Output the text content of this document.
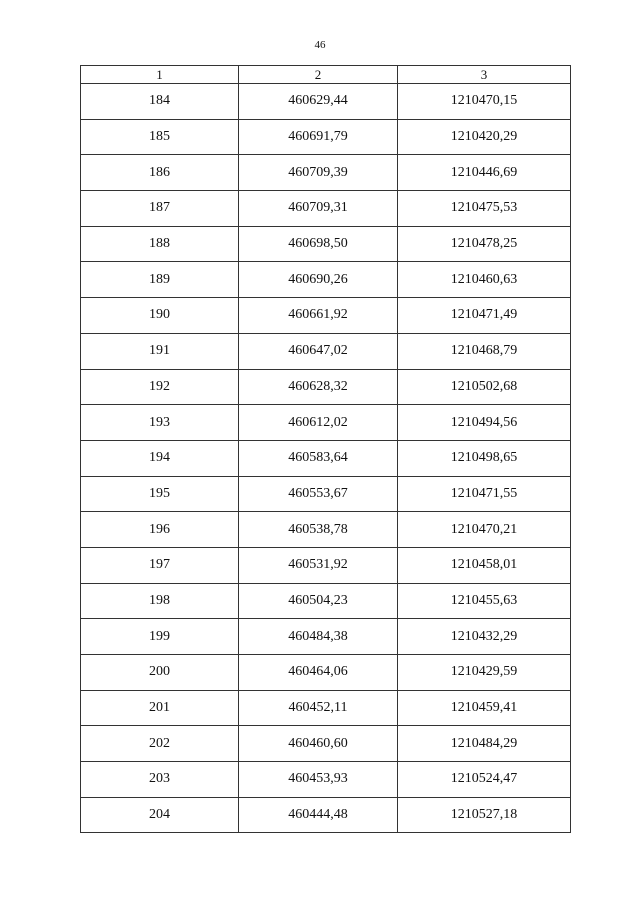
46
1	2	3
184	460629,44	1210470,15
185	460691,79	1210420,29
186	460709,39	1210446,69
187	460709,31	1210475,53
188	460698,50	1210478,25
189	460690,26	1210460,63
190	460661,92	1210471,49
191	460647,02	1210468,79
192	460628,32	1210502,68
193	460612,02	1210494,56
194	460583,64	1210498,65
195	460553,67	1210471,55
196	460538,78	1210470,21
197	460531,92	1210458,01
198	460504,23	1210455,63
199	460484,38	1210432,29
200	460464,06	1210429,59
201	460452,11	1210459,41
202	460460,60	1210484,29
203	460453,93	1210524,47
204	460444,48	1210527,18
